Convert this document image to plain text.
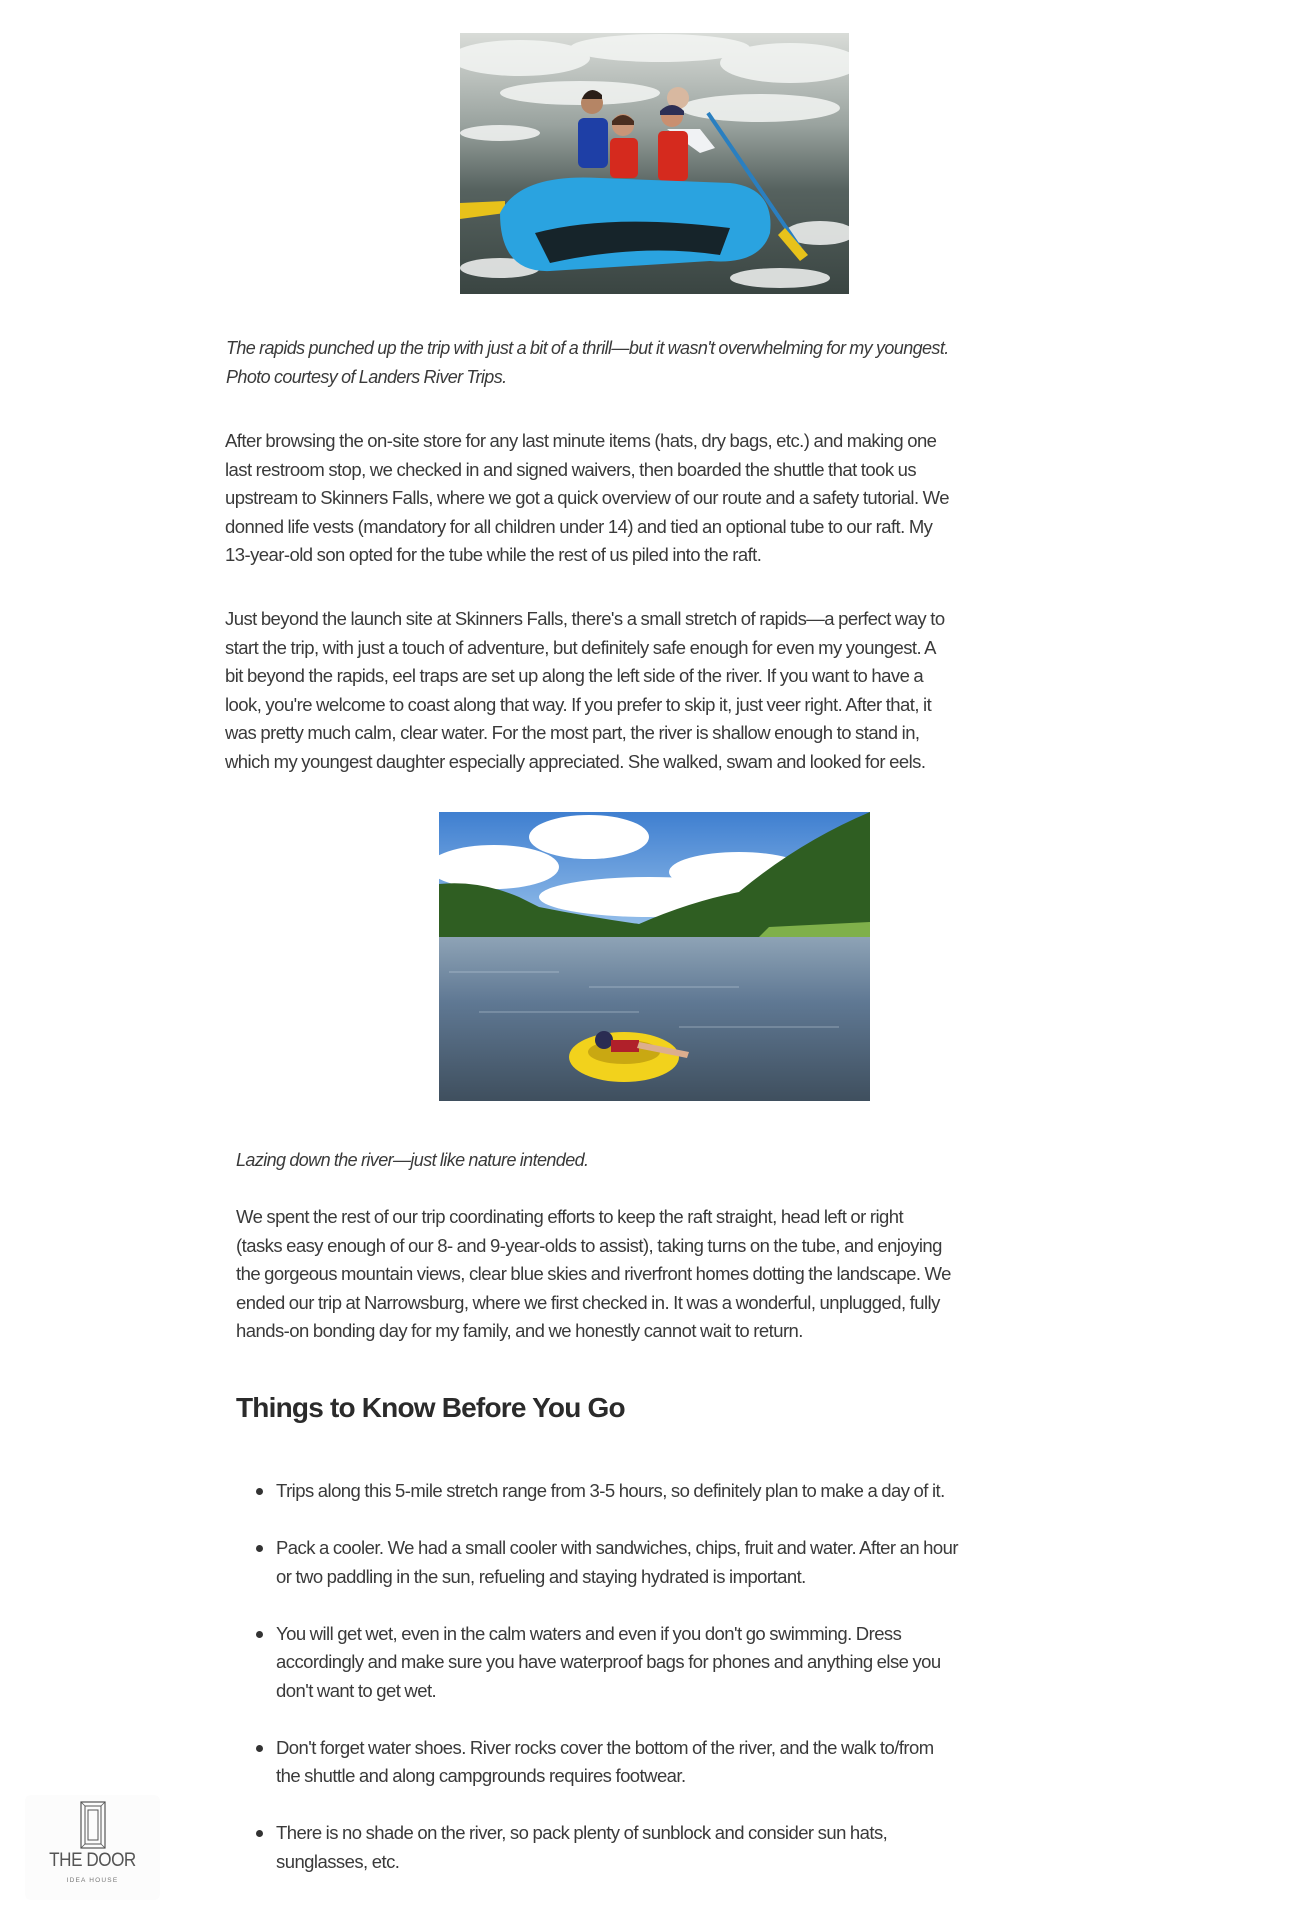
The rapids punched up the trip with just a bit of a thrill—but it wasn't overwhelming for my youngest.
Photo courtesy of Landers River Trips.
After browsing the on-site store for any last minute items (hats, dry bags, etc.) and making one
last restroom stop, we checked in and signed waivers, then boarded the shuttle that took us
upstream to Skinners Falls, where we got a quick overview of our route and a safety tutorial. We
donned life vests (mandatory for all children under 14) and tied an optional tube to our raft. My
13-year-old son opted for the tube while the rest of us piled into the raft.
Just beyond the launch site at Skinners Falls, there's a small stretch of rapids—a perfect way to
start the trip, with just a touch of adventure, but definitely safe enough for even my youngest. A
bit beyond the rapids, eel traps are set up along the left side of the river. If you want to have a
look, you're welcome to coast along that way. If you prefer to skip it, just veer right. After that, it
was pretty much calm, clear water. For the most part, the river is shallow enough to stand in,
which my youngest daughter especially appreciated. She walked, swam and looked for eels.
Lazing down the river—just like nature intended.
We spent the rest of our trip coordinating efforts to keep the raft straight, head left or right
(tasks easy enough of our 8- and 9-year-olds to assist), taking turns on the tube, and enjoying
the gorgeous mountain views, clear blue skies and riverfront homes dotting the landscape. We
ended our trip at Narrowsburg, where we first checked in. It was a wonderful, unplugged, fully
hands-on bonding day for my family, and we honestly cannot wait to return.
Things to Know Before You Go
Trips along this 5-mile stretch range from 3-5 hours, so definitely plan to make a day of it.
Pack a cooler. We had a small cooler with sandwiches, chips, fruit and water. After an hour
or two paddling in the sun, refueling and staying hydrated is important.
You will get wet, even in the calm waters and even if you don't go swimming. Dress
accordingly and make sure you have waterproof bags for phones and anything else you
don't want to get wet.
Don't forget water shoes. River rocks cover the bottom of the river, and the walk to/from
the shuttle and along campgrounds requires footwear.
There is no shade on the river, so pack plenty of sunblock and consider sun hats,
sunglasses, etc.
THE DOOR
IDEA HOUSE
